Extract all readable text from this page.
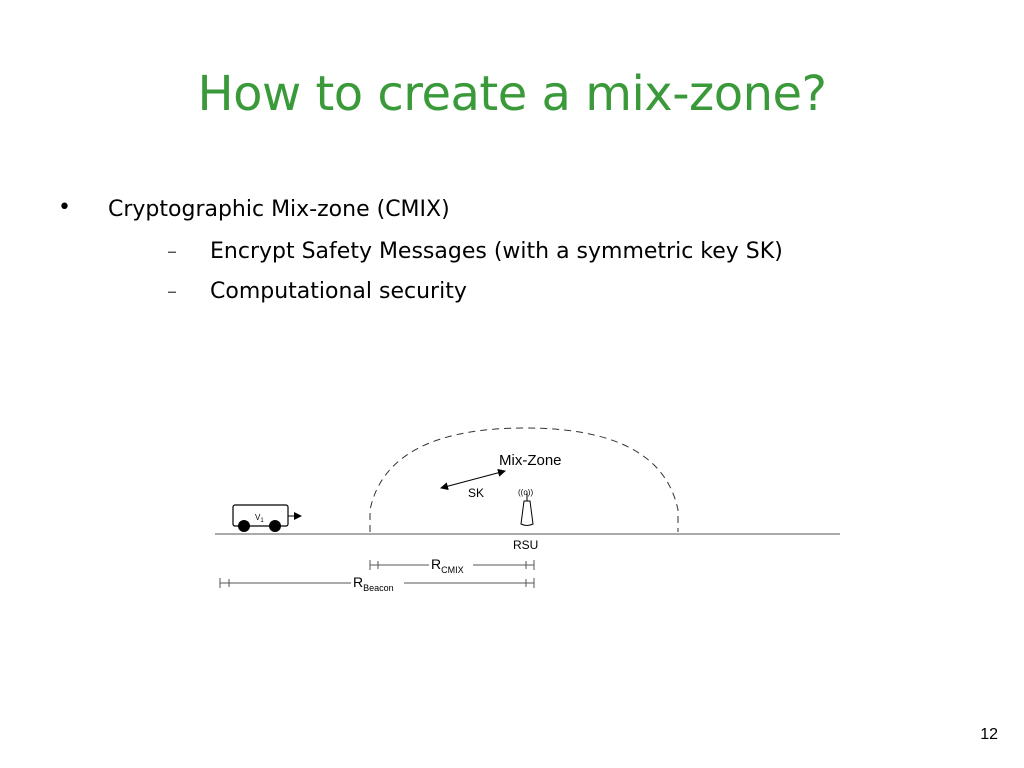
How to create a mix-zone?
• Cryptographic Mix-zone (CMIX)
– Encrypt Safety Messages (with a symmetric key SK)
– Computational security
Mix-Zone
SK	((o))
RSU
$V_1$
$R_{CMIX}$
$R_{Beacon}$
12
